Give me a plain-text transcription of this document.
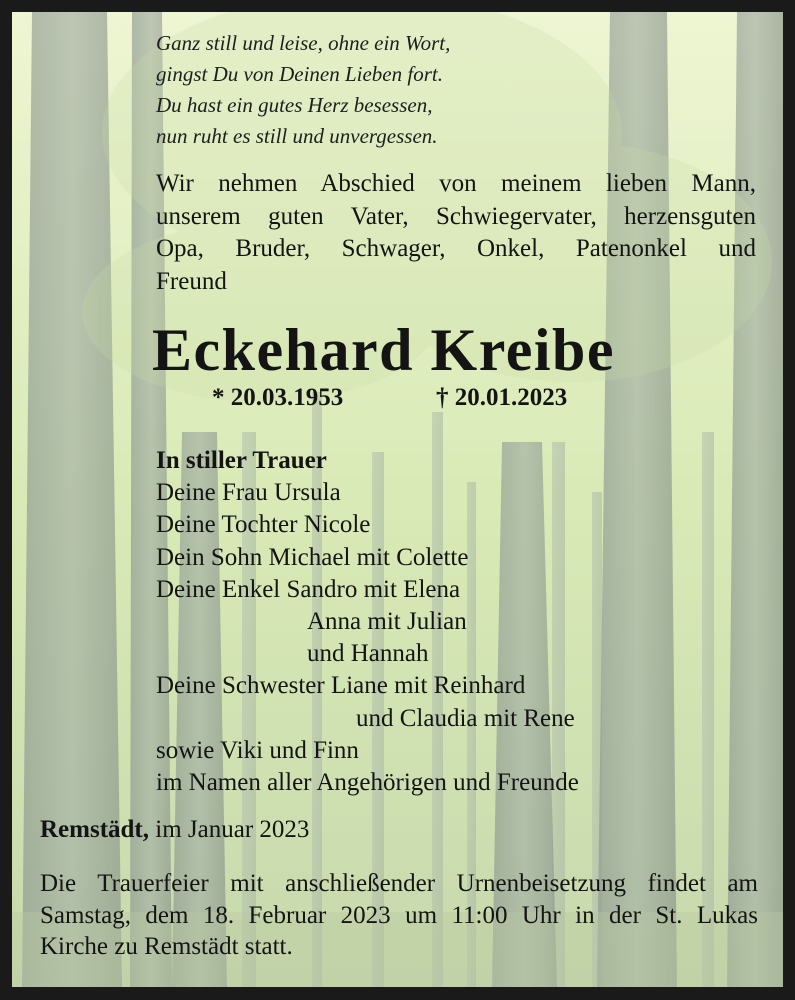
Ganz still und leise, ohne ein Wort,
gingst Du von Deinen Lieben fort.
Du hast ein gutes Herz besessen,
nun ruht es still und unvergessen.
Wir nehmen Abschied von meinem lieben Mann,
unserem guten Vater, Schwiegervater, herzensguten
Opa, Bruder, Schwager, Onkel, Patenonkel und
Freund
Eckehard Kreibe
* 20.03.1953	† 20.01.2023
In stiller Trauer
Deine Frau Ursula
Deine Tochter Nicole
Dein Sohn Michael mit Colette
Deine Enkel Sandro mit Elena
Anna mit Julian
und Hannah
Deine Schwester Liane mit Reinhard
und Claudia mit Rene
sowie Viki und Finn
im Namen aller Angehörigen und Freunde
Remstädt, im Januar 2023
Die Trauerfeier mit anschließender Urnenbeisetzung findet am
Samstag, dem 18. Februar 2023 um 11:00 Uhr in der St. Lukas
Kirche zu Remstädt statt.
